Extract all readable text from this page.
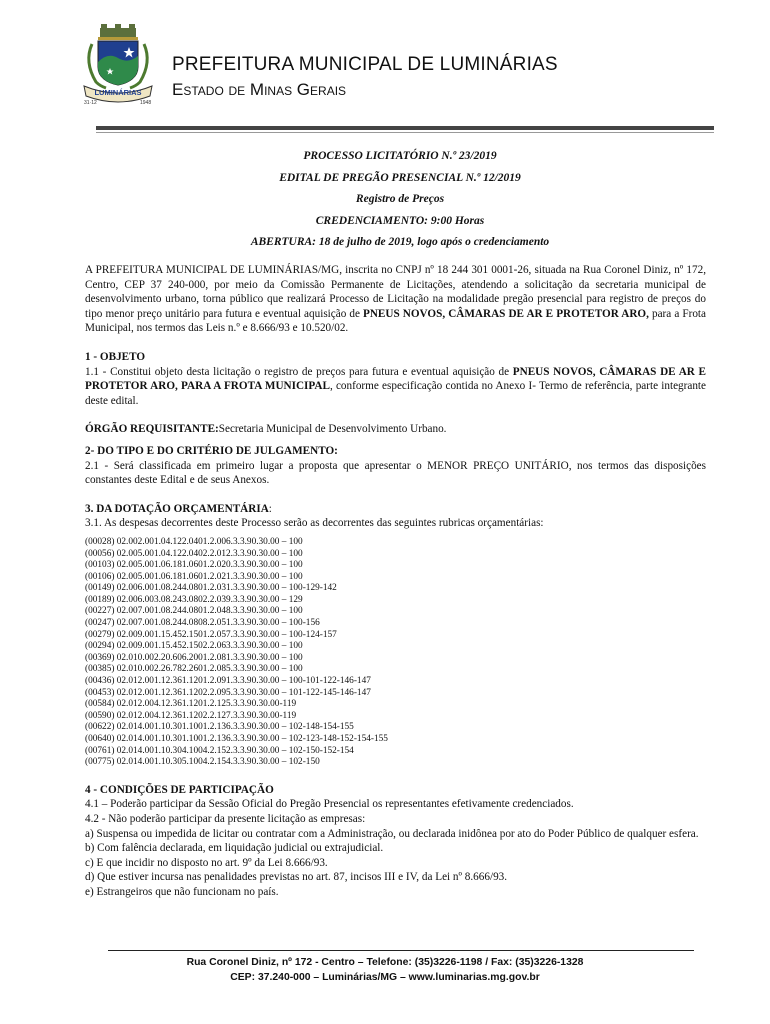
LUMINÁRIAS
31·12	1948
PREFEITURA MUNICIPAL DE LUMINÁRIAS
Estado de Minas Gerais
PROCESSO LICITATÓRIO N.º 23/2019
EDITAL DE PREGÃO PRESENCIAL N.º 12/2019
Registro de Preços
CREDENCIAMENTO: 9:00 Horas
ABERTURA: 18 de julho de 2019, logo após o credenciamento

A PREFEITURA MUNICIPAL DE LUMINÁRIAS/MG, inscrita no CNPJ nº 18 244 301 0001-26, situada na Rua Coronel Diniz, nº 172, Centro, CEP 37 240-000, por meio da Comissão Permanente de Licitações, atendendo a solicitação da secretaria municipal de desenvolvimento urbano, torna público que realizará Processo de Licitação na modalidade pregão presencial para registro de preços do tipo menor preço unitário para futura e eventual aquisição de PNEUS NOVOS, CÂMARAS DE AR E PROTETOR ARO, para a Frota Municipal, nos termos das Leis n.º e 8.666/93 e 10.520/02.

1 - OBJETO

1.1 - Constitui objeto desta licitação o registro de preços para futura e eventual aquisição de PNEUS NOVOS, CÂMARAS DE AR E PROTETOR ARO, PARA A FROTA MUNICIPAL, conforme especificação contida no Anexo I- Termo de referência, parte integrante deste edital.

ÓRGÃO REQUISITANTE:Secretaria Municipal de Desenvolvimento Urbano.
2- DO TIPO E DO CRITÉRIO DE JULGAMENTO:

2.1 - Será classificada em primeiro lugar a proposta que apresentar o MENOR PREÇO UNITÁRIO, nos termos das disposições constantes deste Edital e de seus Anexos.

3. DA DOTAÇÃO ORÇAMENTÁRIA:

3.1. As despesas decorrentes deste Processo serão as decorrentes das seguintes rubricas orçamentárias:

(00028) 02.002.001.04.122.0401.2.006.3.3.90.30.00 – 100
(00056) 02.005.001.04.122.0402.2.012.3.3.90.30.00 – 100
(00103) 02.005.001.06.181.0601.2.020.3.3.90.30.00 – 100
(00106) 02.005.001.06.181.0601.2.021.3.3.90.30.00 – 100
(00149) 02.006.001.08.244.0801.2.031.3.3.90.30.00 – 100-129-142
(00189) 02.006.003.08.243.0802.2.039.3.3.90.30.00 – 129
(00227) 02.007.001.08.244.0801.2.048.3.3.90.30.00 – 100
(00247) 02.007.001.08.244.0808.2.051.3.3.90.30.00 – 100-156
(00279) 02.009.001.15.452.1501.2.057.3.3.90.30.00 – 100-124-157
(00294) 02.009.001.15.452.1502.2.063.3.3.90.30.00 – 100
(00369) 02.010.002.20.606.2001.2.081.3.3.90.30.00 – 100
(00385) 02.010.002.26.782.2601.2.085.3.3.90.30.00 – 100
(00436) 02.012.001.12.361.1201.2.091.3.3.90.30.00 – 100-101-122-146-147
(00453) 02.012.001.12.361.1202.2.095.3.3.90.30.00 – 101-122-145-146-147
(00584) 02.012.004.12.361.1201.2.125.3.3.90.30.00-119
(00590) 02.012.004.12.361.1202.2.127.3.3.90.30.00-119
(00622) 02.014.001.10.301.1001.2.136.3.3.90.30.00 – 102-148-154-155
(00640) 02.014.001.10.301.1001.2.136.3.3.90.30.00 – 102-123-148-152-154-155
(00761) 02.014.001.10.304.1004.2.152.3.3.90.30.00 – 102-150-152-154
(00775) 02.014.001.10.305.1004.2.154.3.3.90.30.00 – 102-150
4 - CONDIÇÕES DE PARTICIPAÇÃO
4.1 – Poderão participar da Sessão Oficial do Pregão Presencial os representantes efetivamente credenciados.
4.2 - Não poderão participar da presente licitação as empresas:
a) Suspensa ou impedida de licitar ou contratar com a Administração, ou declarada inidônea por ato do Poder Público de qualquer esfera.
b) Com falência declarada, em liquidação judicial ou extrajudicial.
c) E que incidir no disposto no art. 9º da Lei 8.666/93.
d) Que estiver incursa nas penalidades previstas no art. 87, incisos III e IV, da Lei nº 8.666/93.
e) Estrangeiros que não funcionam no país.
Rua Coronel Diniz, nº 172 - Centro – Telefone: (35)3226-1198 / Fax: (35)3226-1328
CEP: 37.240-000 – Luminárias/MG – www.luminarias.mg.gov.br
